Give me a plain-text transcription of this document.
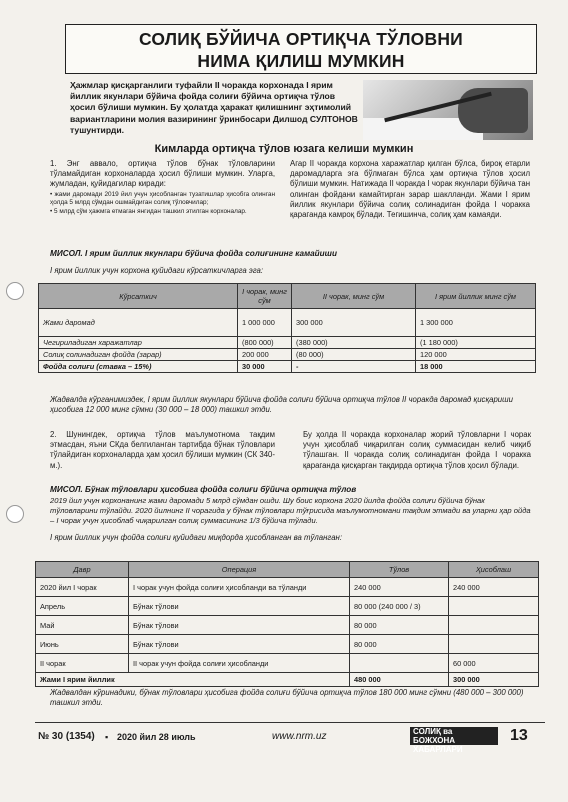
СОЛИҚ БЎЙИЧА ОРТИҚЧА ТЎЛОВНИ
НИМА ҚИЛИШ МУМКИН
Ҳажмлар қисқарганлиги туфайли II чоракда корхонада I ярим йиллик якунлари бўйича фойда солиғи бўйича ортиқча тўлов ҳосил бўлиши мумкин. Бу ҳолатда ҳаракат қилишнинг эҳтимолий вариантларини молия вазирининг ўринбосари Дилшод СУЛТОНОВ тушунтирди.
Кимларда ортиқча тўлов юзага келиши мумкин

1. Энг аввало, ортиқча тўлов бўнак тўловларини тўламайдиган корхоналарда ҳосил бўлиши мумкин. Уларга, жумладан, қуйидагилар киради:

• жами даромади 2019 йил учун ҳисобланган тузатишлар ҳисобга олинган ҳолда 5 млрд сўмдан ошмайдиган солиқ тўловчилар;

• 5 млрд сўм ҳажмга етмаган янгидан ташкил этилган корхоналар.

Агар II чоракда корхона харажатлар қилган бўлса, бироқ етарли даромадларга эга бўлмаган бўлса ҳам ортиқча тўлов ҳосил бўлиши мумкин. Натижада II чоракда I чорак якунлари бўйича тан олинган фойдани камайтирган зарар шаклланди. Жами I ярим йиллик якунлари бўйича солиқ солинадиган фойда I чоракка қараганда камроқ бўлади. Тегишинча, солиқ ҳам камаяди.

МИСОЛ. I ярим йиллик якунлари бўйича фойда солиғининг камайиши
I ярим йиллик учун корхона қуйидаги кўрсаткичларга эга:
Кўрсаткич	I чорак, минг сўм	II чорак, минг сўм	I ярим йиллик минг сўм
Жами даромад	1 000 000	300 000	1 300 000
Чегириладиган харажатлар	(800 000)	(380 000)	(1 180 000)
Солиқ солинадиган фойда (зарар)	200 000	(80 000)	120 000
Фойда солиғи (ставка – 15%)	30 000	-	18 000
Жадвалда кўрганимиздек, I ярим йиллик якунлари бўйича фойда солиғи бўйича ортиқча тўлов II чоракда даромад қисқариши ҳисобига 12 000 минг сўмни (30 000 – 18 000) ташкил этди.

2. Шунингдек, ортиқча тўлов маълумотнома тақдим этмасдан, яъни СКда белгиланган тартибда бўнак тўловлари тўлайдиган корхоналарда ҳам ҳосил бўлиши мумкин (СК 340-м.).

Бу ҳолда II чоракда корхоналар жорий тўловларни I чорак учун ҳисоблаб чиқарилган солиқ суммасидан келиб чиқиб тўлашган. II чоракда солиқ солинадиган фойда I чоракка қараганда қисқарган тақдирда ортиқча тўлов ҳосил бўлади.

МИСОЛ. Бўнак тўловлари ҳисобига фойда солиғи бўйича ортиқча тўлов
2019 йил учун корхонанинг жами даромади 5 млрд сўмдан ошди. Шу боис корхона 2020 йилда фойда солиғи бўйича бўнак тўловларини тўлайди. 2020 йилнинг II чорагида у бўнак тўловлари тўғрисида маълумотномани тақдим этмади ва уларни ҳар ойда – I чорак учун ҳисоблаб чиқарилган солиқ суммасининг 1/3 бўйича тўлади.
I ярим йиллик учун фойда солиғи қуйидаги миқдорда ҳисобланган ва тўланган:
Давр	Операция	Тўлов	Ҳисоблаш
2020 йил I чорак	I чорак учун фойда солиғи ҳисобланди ва тўланди	240 000	240 000
Апрель	Бўнак тўлови	80 000 (240 000 / 3)	
Май	Бўнак тўлови	80 000	
Июнь	Бўнак тўлови	80 000	
II чорак	II чорак учун фойда солиғи ҳисобланди		60 000
Жами I ярим йиллик		480 000	300 000
Жадвалдан кўринадики, бўнак тўловлари ҳисобига фойда солиғи бўйича ортиқча тўлов 180 000 минг сўмни (480 000 – 300 000) ташкил этди.
№ 30 (1354) ▪ 2020 йил 28 июль	www.nrm.uz	СОЛИҚ ва
БОЖХОНА ХАБАРЛАРИ
13
